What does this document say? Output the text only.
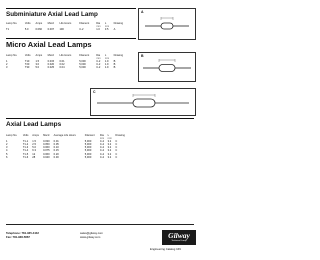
Subminiature Axial Lead Lamp
Lamp No.	Volts	Amps	Mscd	Life Hours	Filament	Dia	L	Drawing
						mm	mm	
T1	5.0	0.060	0.007	100	C-2	1.0	3.5	A
A
Micro Axial Lead Lamps
Lamp No.	Volts	Amps	Mscd	Life Hours	Filament	Dia	L	Drawing
						mm	mm	
1	T10	1.5	0.015	0.01	5,000	C-2	1.9	B
2	T20	3.0	0.020	0.02	5,000	C-2	1.9	B
3	T30	5.0	0.025	0.04	5,000	C-2	1.9	B
B
C
Axial Lead Lamps
Lamp No.	Volts	Amps	Mscd	Average Life Hours	Filament	Dia	L	Drawing
						mm	mm	
1	T1-1	1.5	0.030	0.01	5,000	C-2	3.2	C
2	T1-2	2.5	0.050	0.05	5,000	C-2	3.2	C
3	T1-3	5.0	0.060	0.10	5,000	C-2	3.2	C
4	T1-4	6.3	0.075	0.15	5,000	C-2	3.2	C
5	T1-5	12	0.060	0.20	5,000	C-2	3.2	C
6	T1-6	28	0.040	0.30	5,000	C-2	3.2	C
Telephone: 781-935-4442
Fax: 781-938-5867
sales@gilway.com
www.gilway.com	Gilway
Technical Lamp
Engineering Catalog 169
